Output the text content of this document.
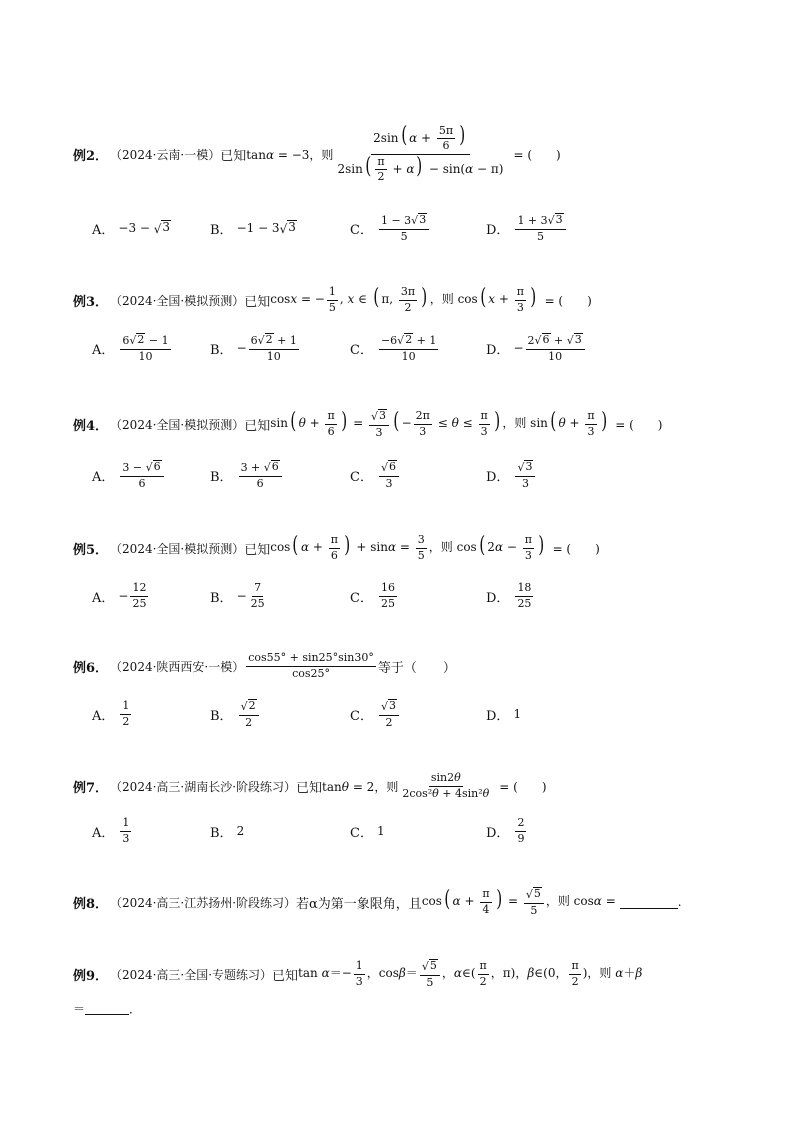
例2． （2024·云南·一模） 已知 tanα = −3，则 $\frac{2\sin ( \alpha + \frac{5\pi}{6} )}{2\sin ( \frac{\pi}{2} + \alpha ) - \sin(\alpha - \pi)}$ = (　　)
A． −3 − √ 3	B． −1 − 3 √ 3	C． $\frac{1 - 3 √ 3}{5}$	D． $\frac{1 + 3 √ 3}{5}$
例3． （2024·全国·模拟预测） 已知 cosx = − $\frac{1}{5}$ , x ∈ ( π, $\frac{3\pi}{2}$ ) ，则 cos ( $x + \frac{\pi}{3}$ ) = (　　)
A． $\frac{6 √ 2 - 1}{10}$	B． − $\frac{6 √ 2 + 1}{10}$	C． $\frac{-6 √ 2 + 1}{10}$	D． − $\frac{2 √ 6 + √ 3}{10}$
例4． （2024·全国·模拟预测） 已知 sin ( $\theta + \frac{\pi}{6}$ ) = $\frac{√ 3}{3}$ ( − $\frac{2\pi}{3} \le \theta \le \frac{\pi}{3}$ ) ，则 sin ( $\theta + \frac{\pi}{3}$ ) = (　　)
A． $\frac{3 - √ 6}{6}$	B． $\frac{3 + √ 6}{6}$	C． $\frac{√ 6}{3}$	D． $\frac{√ 3}{3}$
例5． （2024·全国·模拟预测） 已知 cos ( $\alpha + \frac{\pi}{6}$ ) + $\sin\alpha = \frac{3}{5}$ ，则 cos ( $2\alpha - \frac{\pi}{3}$ ) = (　　)
A． − $\frac{12}{25}$	B． − $\frac{7}{25}$	C． $\frac{16}{25}$	D． $\frac{18}{25}$
例6． （2024·陕西西安·一模） $\frac{\cos 55^\circ + \sin 25^\circ\sin 30^\circ}{\cos 25^\circ}$ 等于（　　）
A． $\frac{1}{2}$	B． $\frac{√ 2}{2}$	C． $\frac{√ 3}{2}$	D． 1
例7． （2024·高三·湖南长沙·阶段练习） 已知 tanθ = 2，则 $\frac{\sin 2\theta}{\text{2cos²θ + 4sin²θ}}$ = (　　)
A． $\frac{1}{3}$	B． 2	C． 1	D． $\frac{2}{9}$
例8． （2024·高三·江苏扬州·阶段练习） 若α为第一象限角，且 cos ( $\alpha + \frac{\pi}{4}$ ) = $\frac{√ 5}{5}$ ，则 cosα =	.
例9． （2024·高三·全国·专题练习） 已知 $\tan \alpha=- \frac{1}{3}$ ，$\cos\beta= \frac{√ 5}{5}$ ，α∈( $\frac{\pi}{2}$ ，π)，β∈(0， $\frac{\pi}{2}$ )，则 α＋β
＝	．
